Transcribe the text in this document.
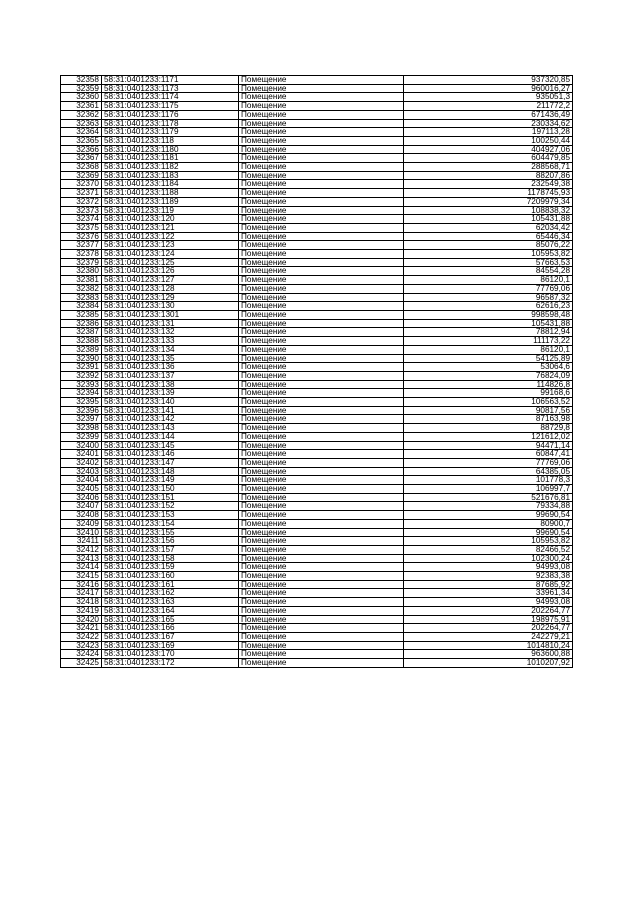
32358	58:31:0401233:1171	Помещение	937320,85
32359	58:31:0401233:1173	Помещение	960016,27
32360	58:31:0401233:1174	Помещение	935051,3
32361	58:31:0401233:1175	Помещение	211772,2
32362	58:31:0401233:1176	Помещение	671436,49
32363	58:31:0401233:1178	Помещение	230334,62
32364	58:31:0401233:1179	Помещение	197113,28
32365	58:31:0401233:118	Помещение	100250,44
32366	58:31:0401233:1180	Помещение	404927,06
32367	58:31:0401233:1181	Помещение	604479,85
32368	58:31:0401233:1182	Помещение	288568,71
32369	58:31:0401233:1183	Помещение	88207,86
32370	58:31:0401233:1184	Помещение	232549,38
32371	58:31:0401233:1188	Помещение	1178745,93
32372	58:31:0401233:1189	Помещение	7209979,34
32373	58:31:0401233:119	Помещение	108838,32
32374	58:31:0401233:120	Помещение	105431,88
32375	58:31:0401233:121	Помещение	62034,42
32376	58:31:0401233:122	Помещение	65446,34
32377	58:31:0401233:123	Помещение	85076,22
32378	58:31:0401233:124	Помещение	105953,82
32379	58:31:0401233:125	Помещение	57663,53
32380	58:31:0401233:126	Помещение	84554,28
32381	58:31:0401233:127	Помещение	86120,1
32382	58:31:0401233:128	Помещение	77769,06
32383	58:31:0401233:129	Помещение	96587,32
32384	58:31:0401233:130	Помещение	62616,23
32385	58:31:0401233:1301	Помещение	998598,48
32386	58:31:0401233:131	Помещение	105431,88
32387	58:31:0401233:132	Помещение	78812,94
32388	58:31:0401233:133	Помещение	111173,22
32389	58:31:0401233:134	Помещение	86120,1
32390	58:31:0401233:135	Помещение	54125,89
32391	58:31:0401233:136	Помещение	53064,6
32392	58:31:0401233:137	Помещение	76824,09
32393	58:31:0401233:138	Помещение	114826,8
32394	58:31:0401233:139	Помещение	99168,6
32395	58:31:0401233:140	Помещение	106563,52
32396	58:31:0401233:141	Помещение	90817,56
32397	58:31:0401233:142	Помещение	87163,98
32398	58:31:0401233:143	Помещение	88729,8
32399	58:31:0401233:144	Помещение	121612,02
32400	58:31:0401233:145	Помещение	94471,14
32401	58:31:0401233:146	Помещение	60847,41
32402	58:31:0401233:147	Помещение	77769,06
32403	58:31:0401233:148	Помещение	64385,05
32404	58:31:0401233:149	Помещение	101778,3
32405	58:31:0401233:150	Помещение	106997,7
32406	58:31:0401233:151	Помещение	521676,81
32407	58:31:0401233:152	Помещение	79334,88
32408	58:31:0401233:153	Помещение	99690,54
32409	58:31:0401233:154	Помещение	80900,7
32410	58:31:0401233:155	Помещение	99690,54
32411	58:31:0401233:156	Помещение	105953,82
32412	58:31:0401233:157	Помещение	82466,52
32413	58:31:0401233:158	Помещение	102300,24
32414	58:31:0401233:159	Помещение	94993,08
32415	58:31:0401233:160	Помещение	92383,38
32416	58:31:0401233:161	Помещение	87685,92
32417	58:31:0401233:162	Помещение	33961,34
32418	58:31:0401233:163	Помещение	94993,08
32419	58:31:0401233:164	Помещение	202264,77
32420	58:31:0401233:165	Помещение	198975,91
32421	58:31:0401233:166	Помещение	202264,77
32422	58:31:0401233:167	Помещение	242279,21
32423	58:31:0401233:169	Помещение	1014810,24
32424	58:31:0401233:170	Помещение	963600,88
32425	58:31:0401233:172	Помещение	1010207,92
